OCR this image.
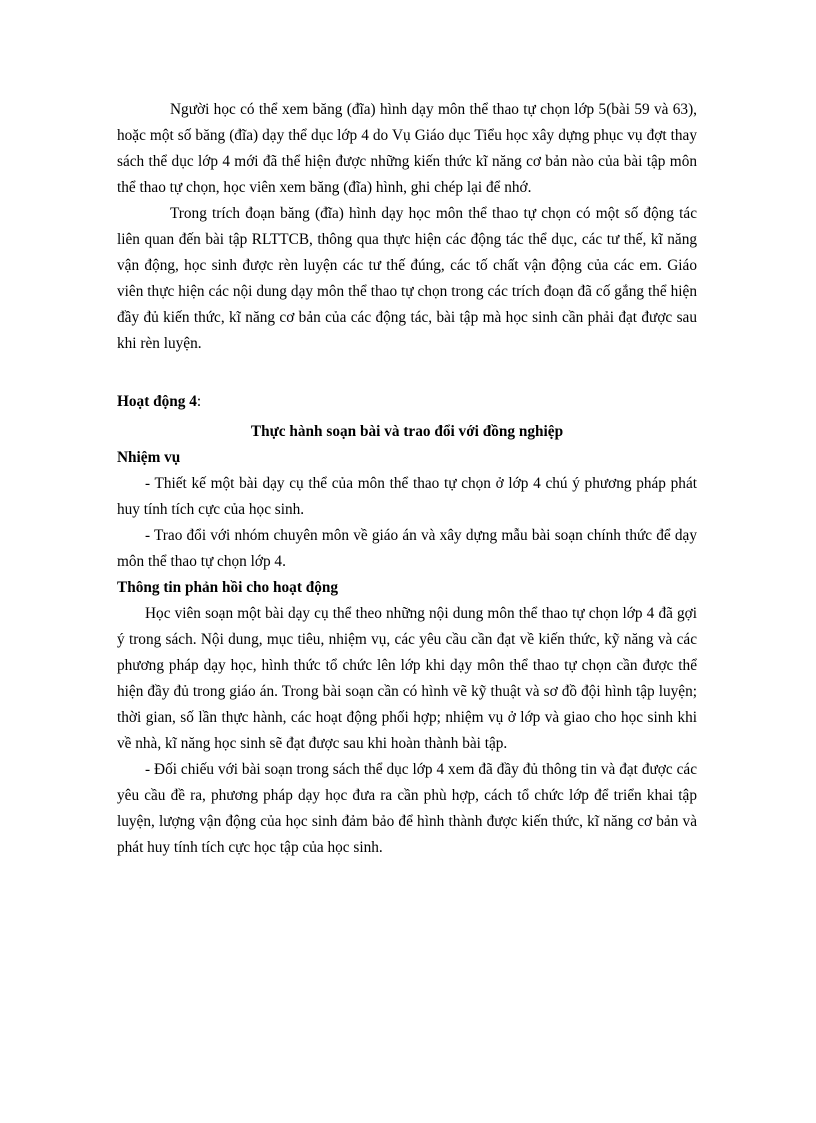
Người học có thể xem băng (đĩa) hình dạy môn thể thao tự chọn lớp 5(bài 59 và 63), hoặc một số băng (đĩa) dạy thể dục lớp 4 do Vụ Giáo dục Tiểu học xây dựng phục vụ đợt thay sách thể dục lớp 4 mới đã thể hiện được những kiến thức kĩ năng cơ bản nào của bài tập môn thể thao tự chọn, học viên xem băng (đĩa) hình, ghi chép lại để nhớ.

Trong trích đoạn băng (đĩa) hình dạy học môn thể thao tự chọn có một số động tác liên quan đến bài tập RLTTCB, thông qua thực hiện các động tác thể dục, các tư thế, kĩ năng vận động, học sinh được rèn luyện các tư thế đúng, các tố chất vận động của các em. Giáo viên thực hiện các nội dung dạy môn thể thao tự chọn trong các trích đoạn đã cố gắng thể hiện đầy đủ kiến thức, kĩ năng cơ bản của các động tác, bài tập mà học sinh cần phải đạt được sau khi rèn luyện.

Hoạt động 4:

Thực hành soạn bài và trao đổi với đồng nghiệp

Nhiệm vụ

- Thiết kế một bài dạy cụ thể của môn thể thao tự chọn ở lớp 4 chú ý phương pháp phát huy tính tích cực của học sinh.

- Trao đổi với nhóm chuyên môn về giáo án và xây dựng mẫu bài soạn chính thức để dạy môn thể thao tự chọn lớp 4.

Thông tin phản hồi cho hoạt động

Học viên soạn một bài dạy cụ thể theo những nội dung môn thể thao tự chọn lớp 4 đã gợi ý trong sách. Nội dung, mục tiêu, nhiệm vụ, các yêu cầu cần đạt về kiến thức, kỹ năng và các phương pháp dạy học, hình thức tổ chức lên lớp khi dạy môn thể thao tự chọn cần được thể hiện đầy đủ trong giáo án. Trong bài soạn cần có hình vẽ kỹ thuật và sơ đồ đội hình tập luyện; thời gian, số lần thực hành, các hoạt động phối hợp; nhiệm vụ ở lớp và giao cho học sinh khi về nhà, kĩ năng học sinh sẽ đạt được sau khi hoàn thành bài tập.

- Đối chiếu với bài soạn trong sách thể dục lớp 4 xem đã đầy đủ thông tin và đạt được các yêu cầu đề ra, phương pháp dạy học đưa ra cần phù hợp, cách tổ chức lớp để triển khai tập luyện, lượng vận động của học sinh đảm bảo để hình thành được kiến thức, kĩ năng cơ bản và phát huy tính tích cực học tập của học sinh.
